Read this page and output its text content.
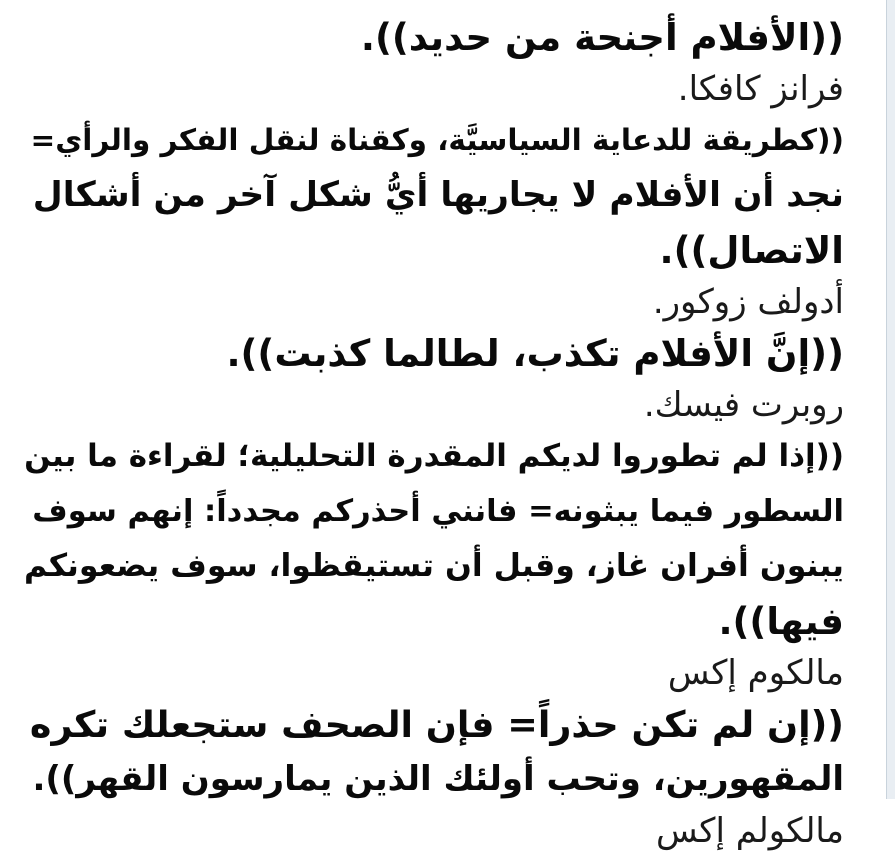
((الأفلام أجنحة من حديد)).
فرانز كافكا.
((كطريقة للدعاية السياسيَّة، وكقناة لنقل الفكر والرأي=
نجد أن الأفلام لا يجاريها أيُّ شكل آخر من أشكال
الاتصال)).
أدولف زوكور.
((إنَّ الأفلام تكذب، لطالما كذبت)).
روبرت فيسك.
((إذا لم تطوروا لديكم المقدرة التحليلية؛ لقراءة ما بين
السطور فيما يبثونه= فانني أحذركم مجدداً: إنهم سوف
يبنون أفران غاز، وقبل أن تستيقظوا، سوف يضعونكم
فيها)).
مالكوم إكس
((إن لم تكن حذراً= فإن الصحف ستجعلك تكره
المقهورين، وتحب أولئك الذين يمارسون القهر)).
مالكولم إكس
